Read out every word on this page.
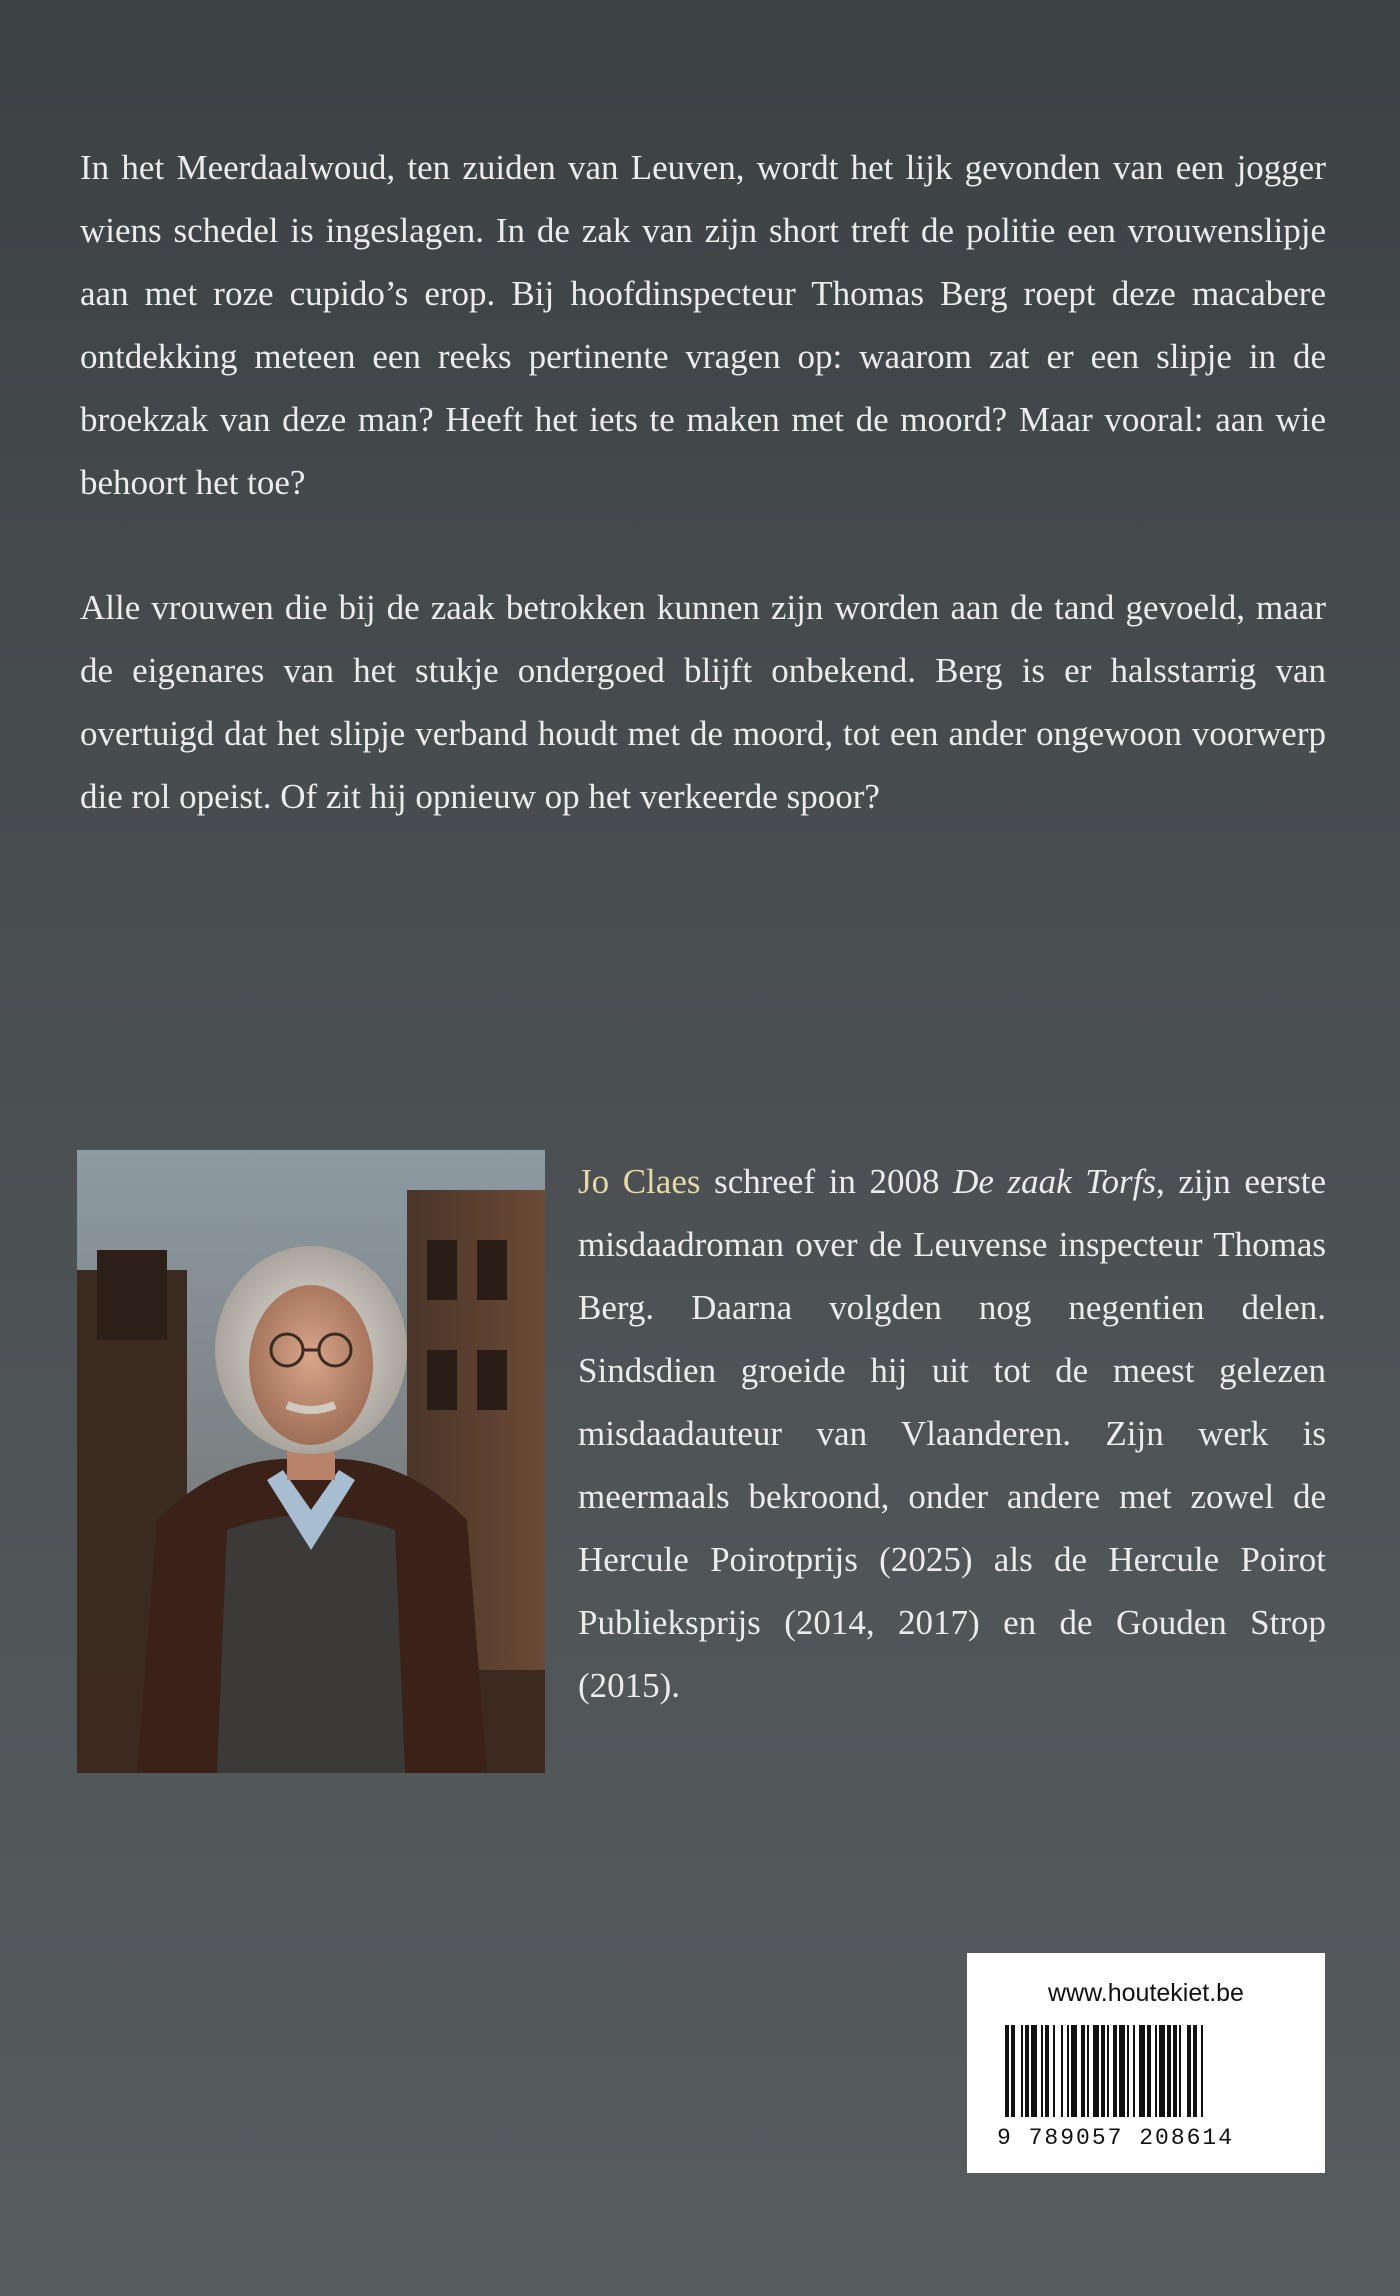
In het Meerdaalwoud, ten zuiden van Leuven, wordt het lijk gevonden van een jogger wiens schedel is ingeslagen. In de zak van zijn short treft de politie een vrouwenslipje aan met roze cupido’s erop. Bij hoofdinspecteur Thomas Berg roept deze macabere ontdekking meteen een reeks pertinente vragen op: waarom zat er een slipje in de broekzak van deze man? Heeft het iets te maken met de moord? Maar vooral: aan wie behoort het toe?

Alle vrouwen die bij de zaak betrokken kunnen zijn worden aan de tand gevoeld, maar de eigenares van het stukje ondergoed blijft onbekend. Berg is er halsstarrig van overtuigd dat het slipje verband houdt met de moord, tot een ander ongewoon voorwerp die rol opeist. Of zit hij opnieuw op het verkeerde spoor?

Jo Claes schreef in 2008 De zaak Torfs, zijn eerste misdaadroman over de Leuvense inspecteur Thomas Berg. Daarna volgden nog negentien delen. Sindsdien groeide hij uit tot de meest gelezen misdaadauteur van Vlaanderen. Zijn werk is meermaals bekroond, onder andere met zowel de Hercule Poirotprijs (2025) als de Hercule Poirot Publieksprijs (2014, 2017) en de Gouden Strop (2015).

www.houtekiet.be
9 789057 208614
